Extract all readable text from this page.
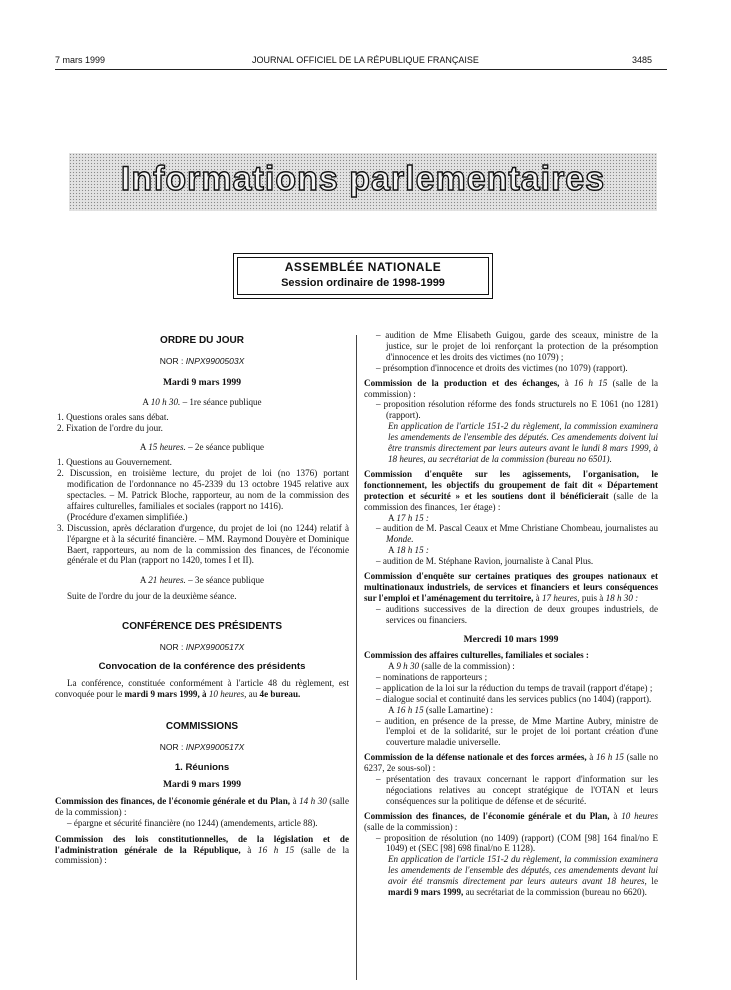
7 mars 1999	JOURNAL OFFICIEL DE LA RÉPUBLIQUE FRANÇAISE	3485
Informations parlementaires
ASSEMBLÉE NATIONALE
Session ordinaire de 1998-1999

ORDRE DU JOUR

NOR : INPX9900503X

Mardi 9 mars 1999

A 10 h 30. – 1re séance publique

1. Questions orales sans débat.

2. Fixation de l'ordre du jour.

A 15 heures. – 2e séance publique

1. Questions au Gouvernement.

2. Discussion, en troisième lecture, du projet de loi (no 1376) portant modification de l'ordonnance no 45-2339 du 13 octobre 1945 relative aux spectacles. – M. Patrick Bloche, rapporteur, au nom de la commission des affaires culturelles, familiales et sociales (rapport no 1416).

(Procédure d'examen simplifiée.)

3. Discussion, après déclaration d'urgence, du projet de loi (no 1244) relatif à l'épargne et à la sécurité financière. – MM. Raymond Douyère et Dominique Baert, rapporteurs, au nom de la commission des finances, de l'économie générale et du Plan (rapport no 1420, tomes I et II).

A 21 heures. – 3e séance publique

Suite de l'ordre du jour de la deuxième séance.

CONFÉRENCE DES PRÉSIDENTS

NOR : INPX9900517X

Convocation de la conférence des présidents

La conférence, constituée conformément à l'article 48 du règlement, est convoquée pour le mardi 9 mars 1999, à 10 heures, au 4e bureau.

COMMISSIONS

NOR : INPX9900517X

1. Réunions

Mardi 9 mars 1999

Commission des finances, de l'économie générale et du Plan, à 14 h 30 (salle de la commission) :

– épargne et sécurité financière (no 1244) (amendements, article 88).

Commission des lois constitutionnelles, de la législation et de l'administration générale de la République, à 16 h 15 (salle de la commission) :

– audition de Mme Elisabeth Guigou, garde des sceaux, ministre de la justice, sur le projet de loi renforçant la protection de la présomption d'innocence et les droits des victimes (no 1079) ;

– présomption d'innocence et droits des victimes (no 1079) (rapport).

Commission de la production et des échanges, à 16 h 15 (salle de la commission) :

– proposition résolution réforme des fonds structurels no E 1061 (no 1281) (rapport).

En application de l'article 151-2 du règlement, la commission examinera les amendements de l'ensemble des députés. Ces amendements doivent lui être transmis directement par leurs auteurs avant le lundi 8 mars 1999, à 18 heures, au secrétariat de la commission (bureau no 6501).

Commission d'enquête sur les agissements, l'organisation, le fonctionnement, les objectifs du groupement de fait dit « Département protection et sécurité » et les soutiens dont il bénéficierait (salle de la commission des finances, 1er étage) :

A 17 h 15 :

– audition de M. Pascal Ceaux et Mme Christiane Chombeau, journalistes au Monde.

A 18 h 15 :

– audition de M. Stéphane Ravion, journaliste à Canal Plus.

Commission d'enquête sur certaines pratiques des groupes nationaux et multinationaux industriels, de services et financiers et leurs conséquences sur l'emploi et l'aménagement du territoire, à 17 heures, puis à 18 h 30 :

– auditions successives de la direction de deux groupes industriels, de services ou financiers.

Mercredi 10 mars 1999

Commission des affaires culturelles, familiales et sociales :

A 9 h 30 (salle de la commission) :

– nominations de rapporteurs ;

– application de la loi sur la réduction du temps de travail (rapport d'étape) ;

– dialogue social et continuité dans les services publics (no 1404) (rapport).

A 16 h 15 (salle Lamartine) :

– audition, en présence de la presse, de Mme Martine Aubry, ministre de l'emploi et de la solidarité, sur le projet de loi portant création d'une couverture maladie universelle.

Commission de la défense nationale et des forces armées, à 16 h 15 (salle no 6237, 2e sous-sol) :

– présentation des travaux concernant le rapport d'information sur les négociations relatives au concept stratégique de l'OTAN et leurs conséquences sur la politique de défense et de sécurité.

Commission des finances, de l'économie générale et du Plan, à 10 heures (salle de la commission) :

– proposition de résolution (no 1409) (rapport) (COM [98] 164 final/no E 1049) et (SEC [98] 698 final/no E 1128).

En application de l'article 151-2 du règlement, la commission examinera les amendements de l'ensemble des députés, ces amendements devant lui avoir été transmis directement par leurs auteurs avant 18 heures, le mardi 9 mars 1999, au secrétariat de la commission (bureau no 6620).
